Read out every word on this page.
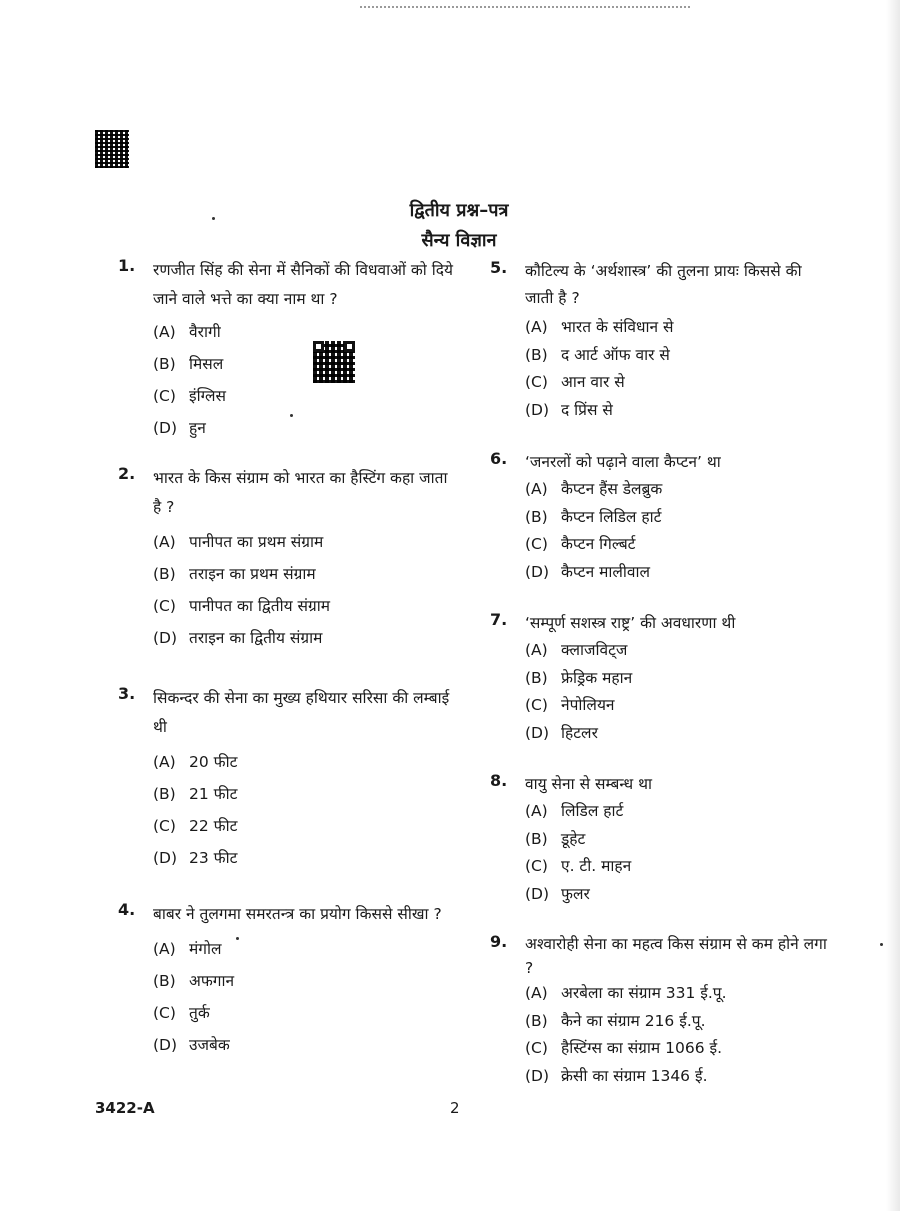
द्वितीय प्रश्न–पत्र
सैन्य विज्ञान
1. रणजीत सिंह की सेना में सैनिकों की विधवाओं को दिये जाने वाले भत्ते का क्या नाम था ?
(A) वैरागी
(B) मिसल
(C) इंग्लिस
(D) हुन
2. भारत के किस संग्राम को भारत का हैस्टिंग कहा जाता है ?
(A) पानीपत का प्रथम संग्राम
(B) तराइन का प्रथम संग्राम
(C) पानीपत का द्वितीय संग्राम
(D) तराइन का द्वितीय संग्राम
3. सिकन्दर की सेना का मुख्य हथियार सरिसा की लम्बाई थी
(A) 20 फीट
(B) 21 फीट
(C) 22 फीट
(D) 23 फीट
4. बाबर ने तुलगमा समरतन्त्र का प्रयोग किससे सीखा ?
(A) मंगोल
(B) अफगान
(C) तुर्क
(D) उजबेक
5. कौटिल्य के ‘अर्थशास्त्र’ की तुलना प्रायः किससे की जाती है ?
(A) भारत के संविधान से
(B) द आर्ट ऑफ वार से
(C) आन वार से
(D) द प्रिंस से
6. ‘जनरलों को पढ़ाने वाला कैप्टन’ था
(A) कैप्टन हैंस डेलब्रुक
(B) कैप्टन लिडिल हार्ट
(C) कैप्टन गिल्बर्ट
(D) कैप्टन मालीवाल
7. ‘सम्पूर्ण सशस्त्र राष्ट्र’ की अवधारणा थी
(A) क्लाजविट्ज
(B) फ्रेड्रिक महान
(C) नेपोलियन
(D) हिटलर
8. वायु सेना से सम्बन्ध था
(A) लिडिल हार्ट
(B) डूहेट
(C) ए. टी. माहन
(D) फुलर
9. अश्वारोही सेना का महत्व किस संग्राम से कम होने लगा ?
(A) अरबेला का संग्राम 331 ई.पू.
(B) कैने का संग्राम 216 ई.पू.
(C) हैस्टिंग्स का संग्राम 1066 ई.
(D) क्रेसी का संग्राम 1346 ई.
3422-A	2
